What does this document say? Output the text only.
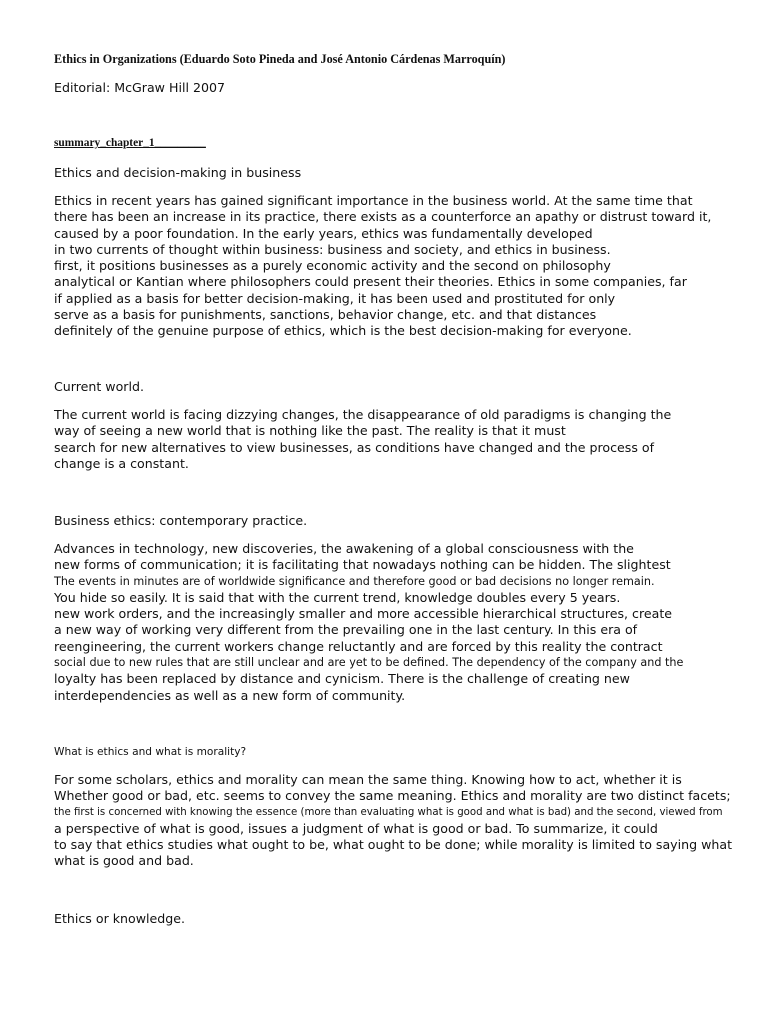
Ethics in Organizations (Eduardo Soto Pineda and José Antonio Cárdenas Marroquín)
Editorial: McGraw Hill 2007
summary_chapter_1_________
Ethics and decision-making in business
Ethics in recent years has gained significant importance in the business world. At the same time that
there has been an increase in its practice, there exists as a counterforce an apathy or distrust toward it,
caused by a poor foundation. In the early years, ethics was fundamentally developed
in two currents of thought within business: business and society, and ethics in business.
first, it positions businesses as a purely economic activity and the second on philosophy
analytical or Kantian where philosophers could present their theories. Ethics in some companies, far
if applied as a basis for better decision-making, it has been used and prostituted for only
serve as a basis for punishments, sanctions, behavior change, etc. and that distances
definitely of the genuine purpose of ethics, which is the best decision-making for everyone.
Current world.
The current world is facing dizzying changes, the disappearance of old paradigms is changing the
way of seeing a new world that is nothing like the past. The reality is that it must
search for new alternatives to view businesses, as conditions have changed and the process of
change is a constant.
Business ethics: contemporary practice.
Advances in technology, new discoveries, the awakening of a global consciousness with the
new forms of communication; it is facilitating that nowadays nothing can be hidden. The slightest
The events in minutes are of worldwide significance and therefore good or bad decisions no longer remain.
You hide so easily. It is said that with the current trend, knowledge doubles every 5 years.
new work orders, and the increasingly smaller and more accessible hierarchical structures, create
a new way of working very different from the prevailing one in the last century. In this era of
reengineering, the current workers change reluctantly and are forced by this reality the contract
social due to new rules that are still unclear and are yet to be defined. The dependency of the company and the
loyalty has been replaced by distance and cynicism. There is the challenge of creating new
interdependencies as well as a new form of community.
What is ethics and what is morality?
For some scholars, ethics and morality can mean the same thing. Knowing how to act, whether it is
Whether good or bad, etc. seems to convey the same meaning. Ethics and morality are two distinct facets;
the first is concerned with knowing the essence (more than evaluating what is good and what is bad) and the second, viewed from
a perspective of what is good, issues a judgment of what is good or bad. To summarize, it could
to say that ethics studies what ought to be, what ought to be done; while morality is limited to saying what
what is good and bad.
Ethics or knowledge.
